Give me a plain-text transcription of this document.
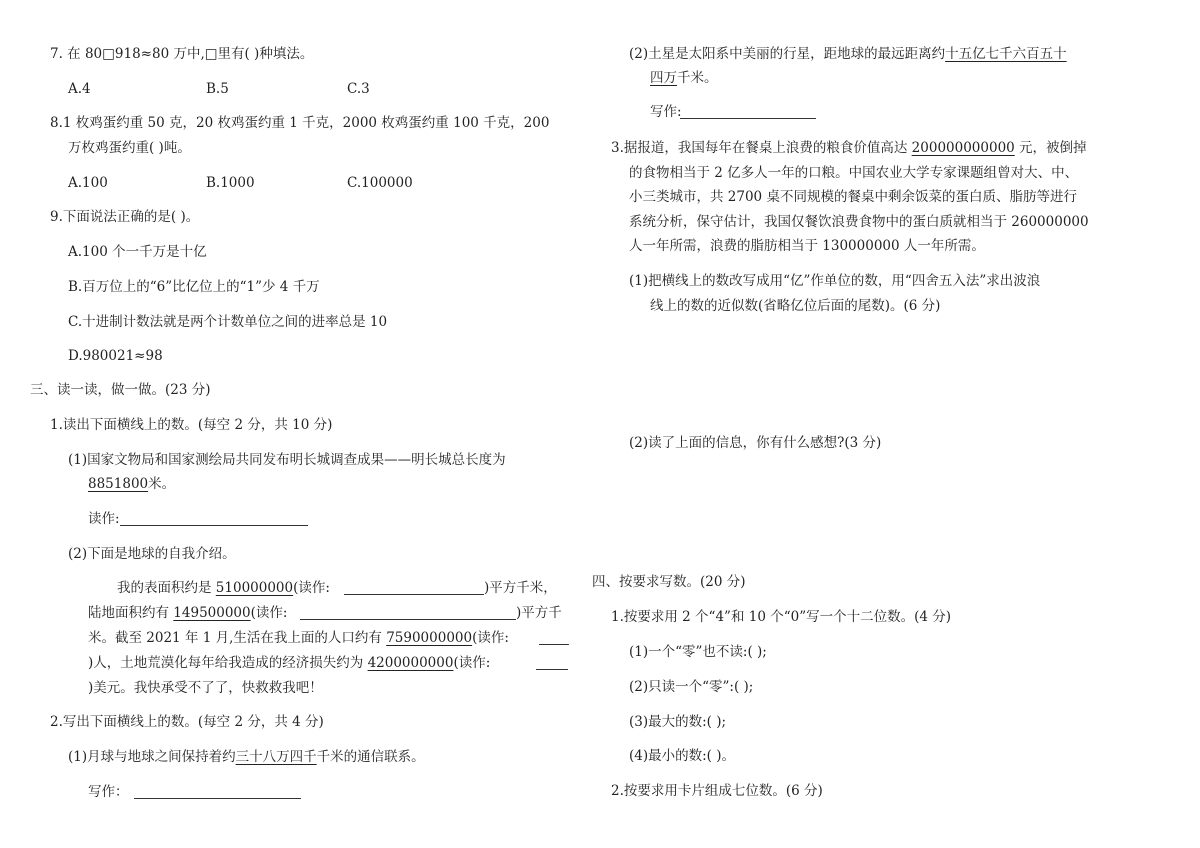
7. 在 80□918≈80 万中,□里有( )种填法。
A.4	B.5	C.3
8.1 枚鸡蛋约重 50 克，20 枚鸡蛋约重 1 千克，2000 枚鸡蛋约重 100 千克，200
万枚鸡蛋约重( )吨。
A.100	B.1000	C.100000
9.下面说法正确的是( )。
A.100 个一千万是十亿
B.百万位上的“6”比亿位上的“1”少 4 千万
C.十进制计数法就是两个计数单位之间的进率总是 10
D.980021≈98
三、读一读，做一做。(23 分)
1.读出下面横线上的数。(每空 2 分，共 10 分)
(1)国家文物局和国家测绘局共同发布明长城调查成果——明长城总长度为
8851800米。
读作:
(2)下面是地球的自我介绍。
我的表面积约是 510000000(读作:	)平方千米，
陆地面积约有 149500000(读作:	)平方千
米。截至 2021 年 1 月,生活在我上面的人口约有 7590000000(读作:
)人，土地荒漠化每年给我造成的经济损失约为 4200000000(读作:
)美元。我快承受不了了，快救救我吧！
2.写出下面横线上的数。(每空 2 分，共 4 分)
(1)月球与地球之间保持着约三十八万四千千米的通信联系。
写作：
(2)土星是太阳系中美丽的行星，距地球的最远距离约十五亿七千六百五十
四万千米。
写作:
3.据报道，我国每年在餐桌上浪费的粮食价值高达 200000000000 元，被倒掉
的食物相当于 2 亿多人一年的口粮。中国农业大学专家课题组曾对大、中、
小三类城市，共 2700 桌不同规模的餐桌中剩余饭菜的蛋白质、脂肪等进行
系统分析，保守估计，我国仅餐饮浪费食物中的蛋白质就相当于 260000000
人一年所需，浪费的脂肪相当于 130000000 人一年所需。
(1)把横线上的数改写成用“亿”作单位的数，用“四舍五入法”求出波浪
线上的数的近似数(省略亿位后面的尾数)。(6 分)
(2)读了上面的信息，你有什么感想?(3 分)
四、按要求写数。(20 分)
1.按要求用 2 个“4”和 10 个“0”写一个十二位数。(4 分)
(1)一个“零”也不读:( );
(2)只读一个“零”:( );
(3)最大的数:( );
(4)最小的数:( )。
2.按要求用卡片组成七位数。(6 分)
